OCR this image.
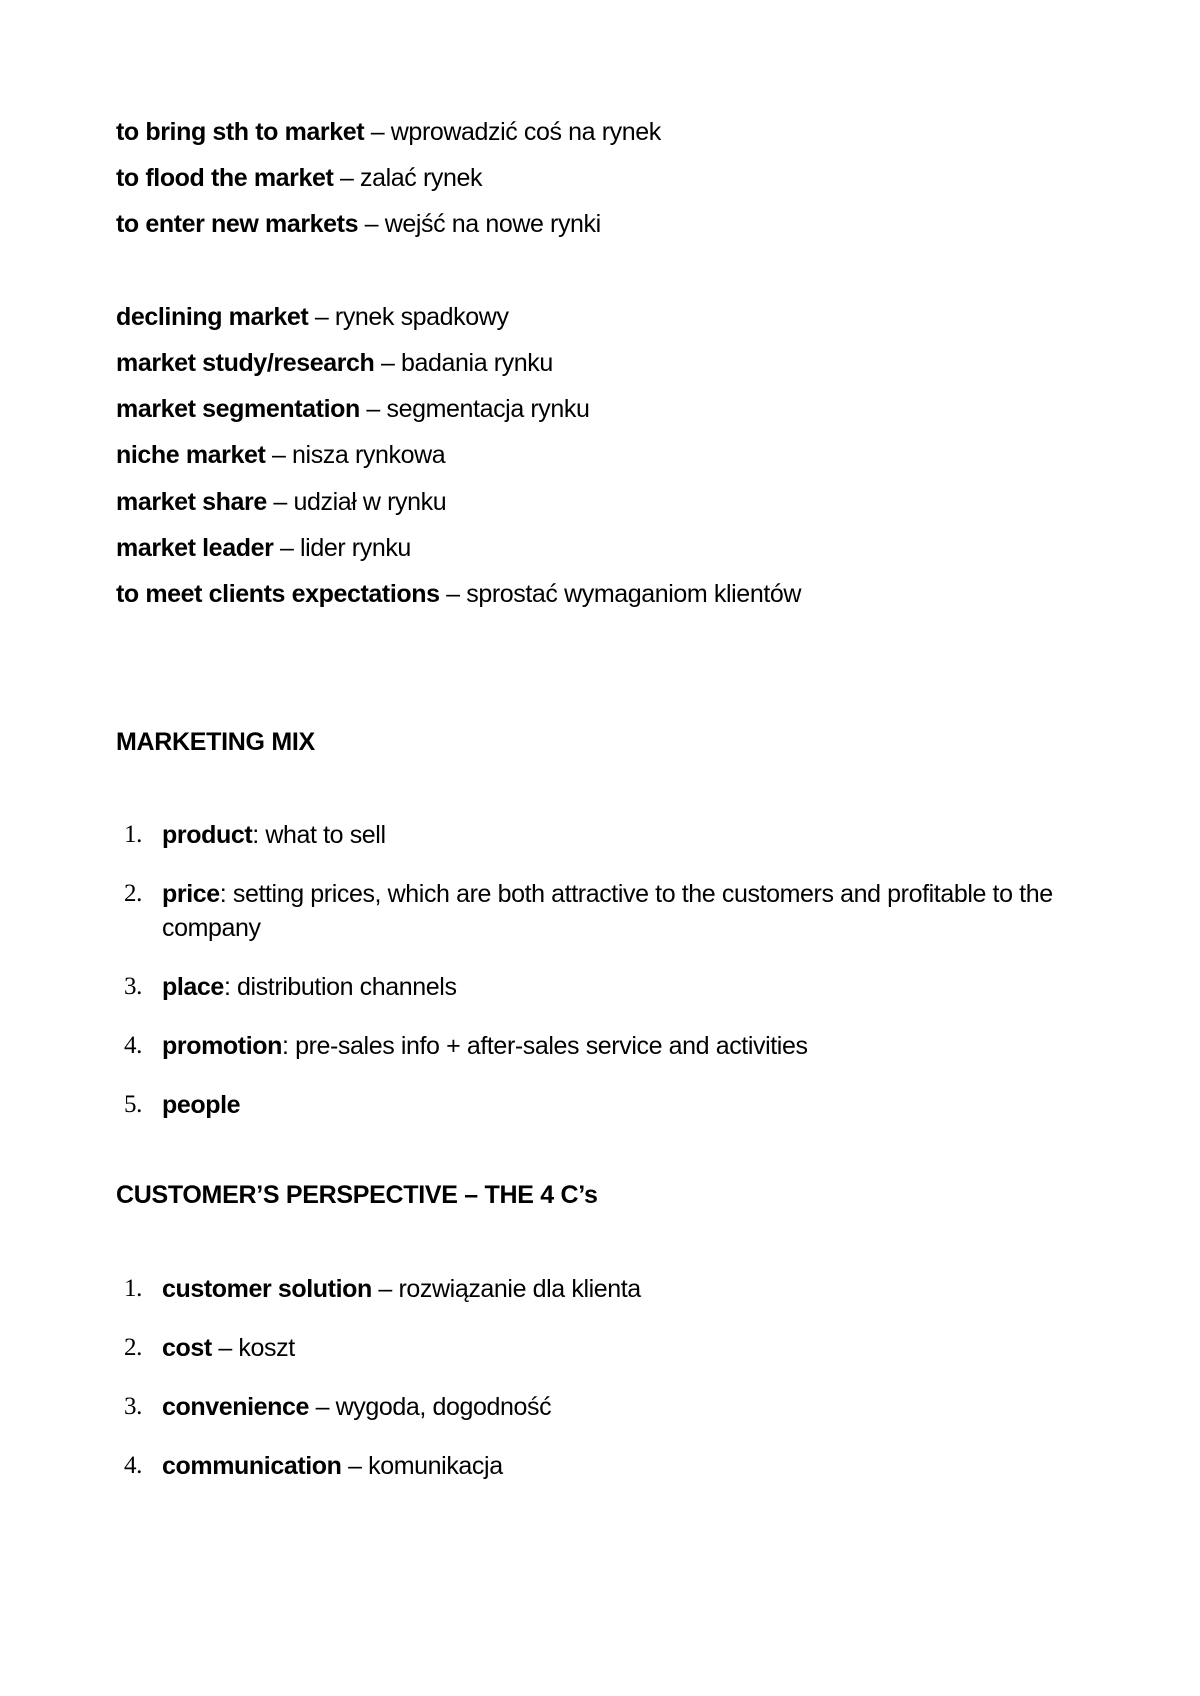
to bring sth to market – wprowadzić coś na rynek
to flood the market – zalać rynek
to enter new markets – wejść na nowe rynki
declining market – rynek spadkowy
market study/research – badania rynku
market segmentation – segmentacja rynku
niche market – nisza rynkowa
market share – udział w rynku
market leader – lider rynku
to meet clients expectations – sprostać wymaganiom klientów
MARKETING MIX
1. product: what to sell
2. price: setting prices, which are both attractive to the customers and profitable to the company
3. place: distribution channels
4. promotion: pre-sales info + after-sales service and activities
5. people
CUSTOMER’S PERSPECTIVE – THE 4 C’s
1. customer solution – rozwiązanie dla klienta
2. cost – koszt
3. convenience – wygoda, dogodność
4. communication – komunikacja
